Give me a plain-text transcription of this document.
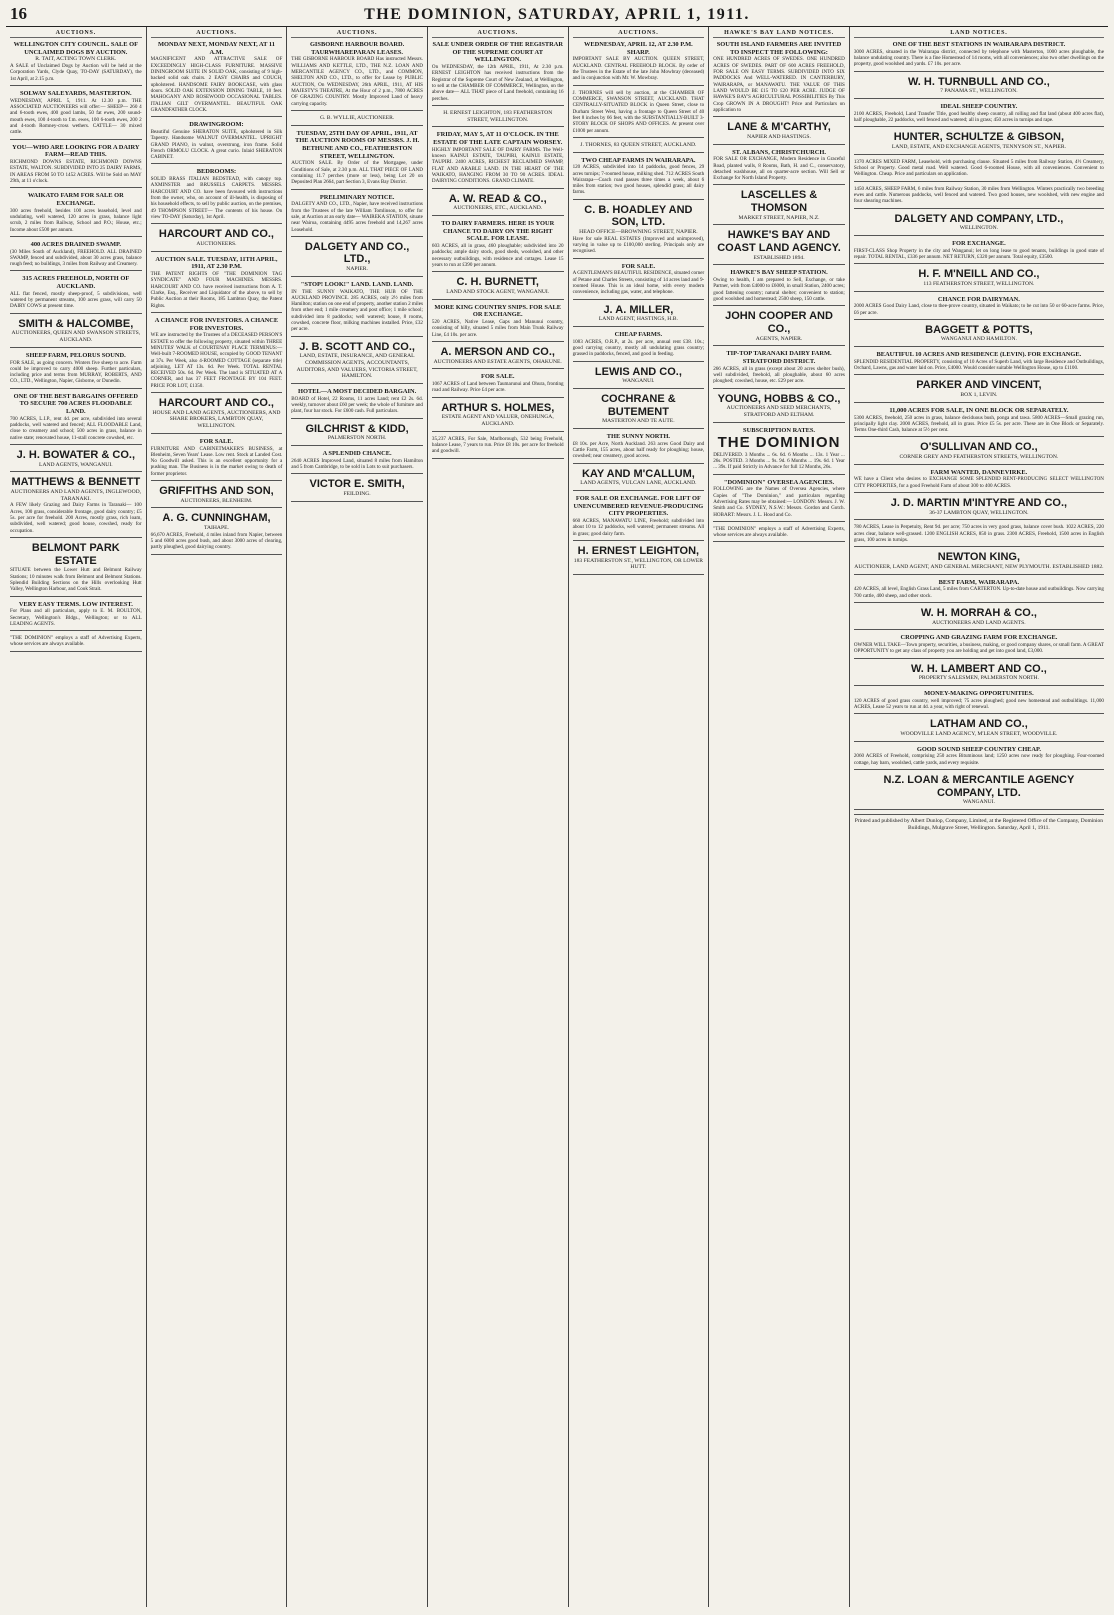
16	THE DOMINION, SATURDAY, APRIL 1, 1911.
AUCTIONS.
WELLINGTON CITY COUNCIL. SALE OF UNCLAIMED DOGS BY AUCTION.
R. TAIT, ACTING TOWN CLERK.
A SALE of Unclaimed Dogs by Auction will be held at the Corporation Yards, Clyde Quay, TO-DAY (SATURDAY), the 1st April, at 2.15 p.m.
SOLWAY SALEYARDS, MASTERTON.
WEDNESDAY, APRIL 5, 1911. At 12.30 p.m. THE ASSOCIATED AUCTIONEERS will offer:— SHEEP— 260 4 and 6-tooth ewes, 400 good lambs, 50 fat ewes, 200 sound-mouth ewes, 100 4-tooth to f.m. ewes, 100 6-tooth ewes, 200 2 and 4-tooth Romney-cross wethers. CATTLE— 30 mixed cattle.
YOU—WHO ARE LOOKING FOR A DAIRY FARM—READ THIS.
RICHMOND DOWNS ESTATE, RICHMOND DOWNS ESTATE, WALTON. SUBDIVIDED INTO 25 DAIRY FARMS, IN AREAS FROM 50 TO 1452 ACRES. Will be Sold on MAY 29th, at 11 o'clock.
WAIKATO FARM FOR SALE OR EXCHANGE.
300 acres freehold, besides 100 acres leasehold, level and undulating, well watered, 120 acres in grass, balance light scrub, 2 miles from Railway, School and P.O.; House, etc.; Income about £500 per annum.
400 ACRES DRAINED SWAMP.
(30 Miles South of Auckland), FREEHOLD. ALL DRAINED SWAMP, fenced and subdivided, about 30 acres grass, balance rough feed; no buildings, 3 miles from Railway and Creamery.
315 ACRES FREEHOLD, NORTH OF AUCKLAND.
ALL flat fenced, mostly sheep-proof, 5 subdivisions, well watered by permanent streams, 100 acres grass, will carry 50 DAIRY COWS at present time.
SMITH & HALCOMBE,
AUCTIONEERS, QUEEN AND SWANSON STREETS, AUCKLAND.
SHEEP FARM, PELORUS SOUND.
FOR SALE, as going concern. Winters five sheep to acre. Farm could be improved to carry 4000 sheep. Further particulars, including price and terms from MURRAY, ROBERTS, AND CO., LTD., Wellington, Napier, Gisborne, or Dunedin.
ONE OF THE BEST BARGAINS OFFERED TO SECURE 700 ACRES FLOODABLE LAND.
700 ACRES, L.I.P., rent 4d. per acre, subdivided into several paddocks, well watered and fenced; ALL FLOODABLE Land, close to creamery and school; 500 acres in grass, balance in native state; renovated house, 11-stall concrete cowshed, etc.
J. H. BOWATER & CO.,
LAND AGENTS, WANGANUI.
MATTHEWS & BENNETT
AUCTIONEERS AND LAND AGENTS, INGLEWOOD, TARANAKI.
A FEW likely Grazing and Dairy Farms in Taranaki— 100 Acres, 100 grass, considerable frontage, good dairy country; £5 5s. per acre for freehold. 200 Acres, mostly grass, rich loam, subdivided, well watered; good house, cowshed, ready for occupation.
BELMONT PARK ESTATE
SITUATE between the Lower Hutt and Belmont Railway Stations; 10 minutes walk from Belmont and Belmont Stations. Splendid Building Sections on the Hills overlooking Hutt Valley, Wellington Harbour, and Cook Strait.
VERY EASY TERMS. LOW INTEREST.
For Plans and all particulars, apply to E. M. BOULTON, Secretary, Wellington's Bldgs., Wellington; or to ALL LEADING AGENTS.
"THE DOMINION" employs a staff of Advertising Experts, whose services are always available.
AUCTIONS.
MONDAY NEXT, MONDAY NEXT, AT 11 A.M.
MAGNIFICENT AND ATTRACTIVE SALE OF EXCEEDINGLY HIGH-CLASS FURNITURE. MASSIVE DININGROOM SUITE IN SOLID OAK, consisting of 9 high-backed solid oak chairs. 2 EASY CHAIRS and COUCH, upholstered. HANDSOME FAIRY BOOKCASE, with glass doors. SOLID OAK EXTENSION DINING TABLE, 10 feet. MAHOGANY AND ROSEWOOD OCCASIONAL TABLES. ITALIAN GILT OVERMANTEL. BEAUTIFUL OAK GRANDFATHER CLOCK.
DRAWINGROOM:
Beautiful Genuine SHERATON SUITE, upholstered in Silk Tapestry. Handsome WALNUT OVERMANTEL. UPRIGHT GRAND PIANO, in walnut, overstrung, iron frame. Solid French ORMOLU CLOCK. A great curio. Inlaid SHERATON CABINET.
BEDROOMS:
SOLID BRASS ITALIAN BEDSTEAD, with canopy top. AXMINSTER and BRUSSELS CARPETS. MESSRS. HARCOURT AND CO. have been favoured with instructions from the owner, who, on account of ill-health, is disposing of his household effects, to sell by public auction, on the premises, 49 THOMPSON STREET— The contents of his house. On view TO-DAY (Saturday), 1st April.
HARCOURT AND CO.,
AUCTIONEERS.
AUCTION SALE. TUESDAY, 11TH APRIL, 1911, AT 2.30 P.M.
THE PATENT RIGHTS OF "THE DOMINION TAG SYNDICATE" AND FOUR MACHINES. MESSRS. HARCOURT AND CO. have received instructions from A. T. Clarke, Esq., Receiver and Liquidator of the above, to sell by Public Auction at their Rooms, 185 Lambton Quay, the Patent Rights.
A CHANCE FOR INVESTORS. A CHANCE FOR INVESTORS.
WE are instructed by the Trustees of a DECEASED PERSON'S ESTATE to offer the following property, situated within THREE MINUTES' WALK of COURTENAY PLACE TERMINUS:— Well-built 7-ROOMED HOUSE, occupied by GOOD TENANT at 37s. Per Week, also 4-ROOMED COTTAGE (separate title) adjoining, LET AT 13s. 6d. Per Week. TOTAL RENTAL RECEIVED 50s. 6d. Per Week. The land is SITUATED AT A CORNER, and has 37 FEET FRONTAGE BY 104 FEET. PRICE FOR LOT, £1350.
HARCOURT AND CO.,
HOUSE AND LAND AGENTS, AUCTIONEERS, AND SHARE BROKERS, LAMBTON QUAY, WELLINGTON.
FOR SALE.
FURNITURE AND CABINETMAKER'S BUSINESS, at Blenheim, Seven Years' Lease. Low rent. Stock at Landed Cost. No Goodwill asked. This is an excellent opportunity for a pushing man. The Business is in the market owing to death of former proprietor.
GRIFFITHS AND SON,
AUCTIONEERS, BLENHEIM.
A. G. CUNNINGHAM,
TAIHAPE.
66,670 ACRES, Freehold, 4 miles inland from Napier, between 5 and 6000 acres good bush, and about 3000 acres of clearing, partly ploughed, good dairying country.
AUCTIONS.
GISBORNE HARBOUR BOARD. TAURWHAREPARAN LEASES.
THE GISBORNE HARBOUR BOARD Has instructed Messrs. WILLIAMS AND KETTLE, LTD., THE N.Z. LOAN AND MERCANTILE AGENCY CO., LTD., and COMMON, SHELTON AND CO., LTD., to offer for Lease by PUBLIC AUCTION, On WEDNESDAY, 26th APRIL, 1911, AT HIS MAJESTY'S THEATRE, At the Hour of 2 p.m., 7800 ACRES OF GRAZING COUNTRY. Mostly Improved Land of heavy carrying capacity.
G. B. WYLLIE, AUCTIONEER.
TUESDAY, 25TH DAY OF APRIL, 1911, AT THE AUCTION ROOMS OF MESSRS. J. H. BETHUNE AND CO., FEATHERSTON STREET, WELLINGTON.
AUCTION SALE. By Order of the Mortgagee, under Conditions of Sale, at 2.30 p.m. ALL THAT PIECE OF LAND containing 11.7 perches (more or less), being Lot 20 on Deposited Plan 2664, part Section 3, Evans Bay District.
PRELIMINARY NOTICE.
DALGETY AND CO., LTD., Napier, have received instructions from the Trustees of the late William Tomlinson, to offer for sale, at Auction at an early date— WAIREKA STATION, situate near Wairoa, containing 4495 acres freehold and 14,267 acres Leasehold.
DALGETY AND CO., LTD.,
NAPIER.
"STOP! LOOK!" LAND. LAND. LAND.
IN THE SUNNY WAIKATO, THE HUB OF THE AUCKLAND PROVINCE. 285 ACRES, only 2½ miles from Hamilton; station on one end of property, another station 2 miles from other end; 1 mile creamery and post office; 1 mile school; subdivided into 8 paddocks; well watered; house, 8 rooms, cowshed, concrete floor, milking machines installed. Price, £32 per acre.
J. B. SCOTT AND CO.,
LAND, ESTATE, INSURANCE, AND GENERAL COMMISSION AGENTS, ACCOUNTANTS, AUDITORS, AND VALUERS, VICTORIA STREET, HAMILTON.
HOTEL—A MOST DECIDED BARGAIN.
BOARD of Hotel, 22 Rooms, 11 acres Land; rent £2 2s. 6d. weekly, turnover about £60 per week; the whole of furniture and plant, four bar stock. For £600 cash. Full particulars.
GILCHRIST & KIDD,
PALMERSTON NORTH.
A SPLENDID CHANCE.
2640 ACRES Improved Land, situated 8 miles from Hamilton and 5 from Cambridge, to be sold in Lots to suit purchasers.
VICTOR E. SMITH,
FEILDING.
AUCTIONS.
SALE UNDER ORDER OF THE REGISTRAR OF THE SUPREME COURT AT WELLINGTON.
On WEDNESDAY, the 12th APRIL, 1911, At 2.30 p.m. ERNEST LEIGHTON has received instructions from the Registrar of the Supreme Court of New Zealand, at Wellington, to sell at the CHAMBER OF COMMERCE, Wellington, on the above date— ALL THAT piece of Land freehold, containing 16 perches.
H. ERNEST LEIGHTON, 183 FEATHERSTON STREET, WELLINGTON.
FRIDAY, MAY 5, AT 11 O'CLOCK. IN THE ESTATE OF THE LATE CAPTAIN WORSEY.
HIGHLY IMPORTANT SALE OF DAIRY FARMS. The Well-known KAINUI ESTATE, TAUPIRI, KAINUI ESTATE, TAUPIRI. 2400 ACRES, RICHEST RECLAIMED SWAMP, FLAT AND ARABLE LAND. IN THE HEART OF THE WAIKATO, HANGING FROM 30 TO 90 ACRES. IDEAL DAIRYING CONDITIONS. GRAND CLIMATE.
A. W. READ & CO.,
AUCTIONEERS, ETC., AUCKLAND.
TO DAIRY FARMERS. HERE IS YOUR CHANCE TO DAIRY ON THE RIGHT SCALE. FOR LEASE.
603 ACRES, all in grass, 460 ploughable; subdivided into 20 paddocks; ample dairy stock, good sheds, woolshed, and other necessary outbuildings, with residence and cottages. Lease 15 years to run at £390 per annum.
C. H. BURNETT,
LAND AND STOCK AGENT, WANGANUI.
MORE KING COUNTRY SNIPS. FOR SALE OR EXCHANGE.
520 ACRES, Native Lease, Gaps and Manunui country, consisting of hilly, situated 5 miles from Main Trunk Railway Line, £4 10s. per acre.
A. MERSON AND CO.,
AUCTIONEERS AND ESTATE AGENTS, OHAKUNE.
FOR SALE.
1067 ACRES of Land between Taumarunui and Ohura, fronting road and Railway. Price £4 per acre.
ARTHUR S. HOLMES,
ESTATE AGENT AND VALUER, ONEHUNGA, AUCKLAND.
35,237 ACRES, For Sale, Marlborough, 532 being Freehold, balance Lease, 7 years to run. Price £8 10s. per acre for freehold and goodwill.
AUCTIONS.
WEDNESDAY, APRIL 12, AT 2.30 P.M. SHARP.
IMPORTANT SALE BY AUCTION. QUEEN STREET, AUCKLAND. CENTRAL FREEHOLD BLOCK. By order of the Trustees in the Estate of the late John Mowbray (deceased) and in conjunction with Mr. W. Mowbray.
J. THORNES will sell by auction, at the CHAMBER OF COMMERCE, SWANSON STREET, AUCKLAND. THAT CENTRALLY-SITUATED BLOCK in Queen Street, close to Durham Street West, having a frontage to Queen Street of 40 feet 8 inches by 66 feet, with the SUBSTANTIALLY-BUILT 3-STORY BLOCK OF SHOPS AND OFFICES. At present over £1000 per annum.
J. THORNES, 83 QUEEN STREET, AUCKLAND.
TWO CHEAP FARMS IN WAIRARAPA.
120 ACRES, subdivided into 14 paddocks, good fences, 29 acres turnips; 7-roomed house, milking shed. 712 ACRES South Wairarapa—Coach road passes three times a week, about 6 miles from station; two good houses, splendid grass; all dairy farms.
C. B. HOADLEY AND SON, LTD.
HEAD OFFICE—BROWNING STREET, NAPIER.
Have for sale REAL ESTATES (Improved and unimproved), varying in value up to £100,000 sterling. Principals only are recognised.
FOR SALE.
A GENTLEMAN'S BEAUTIFUL RESIDENCE, situated corner of Petane and Charles Streets, consisting of 14 acres land and 9-roomed House. This is an ideal home, with every modern convenience, including gas, water, and telephone.
J. A. MILLER,
LAND AGENT, HASTINGS, H.B.
CHEAP FARMS.
1083 ACRES, O.R.P., at 2s. per acre, annual rent £38. 10s.; good carrying country, mostly all undulating grass country; grassed in paddocks, fenced, and good in feeding.
LEWIS AND CO.,
WANGANUI.
COCHRANE & BUTEMENT
MASTERTON AND TE AUTE.
THE SUNNY NORTH.
£8 10s. per Acre, North Auckland. 263 acres Good Dairy and Cattle Farm, 155 acres, about half ready for ploughing; house, cowshed; near creamery, good access.
KAY AND M'CALLUM,
LAND AGENTS, VULCAN LANE, AUCKLAND.
FOR SALE OR EXCHANGE. FOR LIFT OF UNENCUMBERED REVENUE-PRODUCING CITY PROPERTIES.
660 ACRES, MANAWATU LINE, Freehold; subdivided into about 10 to 12 paddocks, well watered; permanent streams. All in grass; good dairy farm.
H. ERNEST LEIGHTON,
183 FEATHERSTON ST., WELLINGTON, OR LOWER HUTT.
HAWKE'S BAY LAND NOTICES.
SOUTH ISLAND FARMERS ARE INVITED TO INSPECT THE FOLLOWING:
ONE HUNDRED ACRES OF SWEDES. ONE HUNDRED ACRES OF SWEDES. PART OF 600 ACRES FREEHOLD, FOR SALE ON EASY TERMS. SUBDIVIDED INTO SIX PADDOCKS And WELL-WATERED. IN CANTERBURY, WAIRARAPA, or MANAWATU. THE VALUE OF THIS LAND WOULD BE £15 TO £20 PER ACRE. JUDGE OF HAWKE'S BAY'S AGRICULTURAL POSSIBILITIES By This Crop GROWN IN A DROUGHT! Price and Particulars on application to
LANE & M'CARTHY,
NAPIER AND HASTINGS.
ST. ALBANS, CHRISTCHURCH.
FOR SALE OR EXCHANGE, Modern Residence in Graceful Road, planted walls, 8 Rooms, Bath, H. and C., conservatory, detached washhouse, all on quarter-acre section. Will Sell or Exchange for North Island Property.
LASCELLES & THOMSON
MARKET STREET, NAPIER, N.Z.
HAWKE'S BAY AND COAST LAND AGENCY.
ESTABLISHED 1894.
HAWKE'S BAY SHEEP STATION.
Owing to health, I am prepared to Sell, Exchange, or take Partner, with from £4000 to £6000, in small Station, 2400 acres; good fattening country; natural shelter; convenient to station; good woolshed and homestead; 2500 sheep, 150 cattle.
JOHN COOPER AND CO.,
AGENTS, NAPIER.
TIP-TOP TARANAKI DAIRY FARM. STRATFORD DISTRICT.
266 ACRES, all in grass (except about 20 acres shelter bush), well subdivided, freehold, all ploughable, about 60 acres ploughed; cowshed, house, etc. £29 per acre.
YOUNG, HOBBS & CO.,
AUCTIONEERS AND SEED MERCHANTS, STRATFORD AND ELTHAM.
SUBSCRIPTION RATES.
THE DOMINION
DELIVERED. 3 Months ... 6s. 6d. 6 Months ... 13s. 1 Year ... 26s. POSTED. 3 Months ... 9s. 9d. 6 Months ... 19s. 6d. 1 Year ... 39s. If paid Strictly in Advance for full 12 Months, 26s.
"DOMINION" OVERSEA AGENCIES.
FOLLOWING are the Names of Oversea Agencies, where Copies of "The Dominion," and particulars regarding Advertising Rates may be obtained:— LONDON: Messrs. J. W. Smith and Co. SYDNEY, N.S.W.: Messrs. Gordon and Gotch. HOBART: Messrs. J. L. Hood and Co.
"THE DOMINION" employs a staff of Advertising Experts, whose services are always available.
LAND NOTICES.
ONE OF THE BEST STATIONS IN WAIRARAPA DISTRICT.
3000 ACRES, situated in the Wairarapa district, connected by telephone with Masterton, 1000 acres ploughable, the balance undulating country. There is a fine Homestead of 14 rooms, with all conveniences; also two other dwellings on the property, good woolshed and yards. £7 10s. per acre.
W. H. TURNBULL AND CO.,
7 PANAMA ST., WELLINGTON.
IDEAL SHEEP COUNTRY.
2100 ACRES, Freehold, Land Transfer Title, good healthy sheep country, all rolling and flat land (about 400 acres flat), half ploughable, 22 paddocks, well fenced and watered; all in grass; 450 acres in turnips and rape.
HUNTER, SCHULTZE & GIBSON,
LAND, ESTATE, AND EXCHANGE AGENTS, TENNYSON ST., NAPIER.
1370 ACRES MIXED FARM, Leasehold, with purchasing clause. Situated 5 miles from Railway Station, 4½ Creamery, School or Property. Good metal road. Well watered. Good 6-roomed House, with all conveniences. Convenient to Wellington. Cheap. Price and particulars on application.
1450 ACRES, SHEEP FARM, 6 miles from Railway Station, 30 miles from Wellington. Winters practically two breeding ewes and cattle. Numerous paddocks, well fenced and watered. Two good houses, new woolshed, with new engine and four shearing machines.
DALGETY AND COMPANY, LTD.,
WELLINGTON.
FOR EXCHANGE.
FIRST-CLASS Shop Property in the city and Wanganui; let on long lease to good tenants, buildings in good state of repair. TOTAL RENTAL, £336 per annum. NET RETURN, £320 per annum. Total equity, £3500.
H. F. M'NEILL AND CO.,
113 FEATHERSTON STREET, WELLINGTON.
CHANCE FOR DAIRYMAN.
2000 ACRES Good Dairy Land, close to thee-prove country, situated in Waikato; to be cut into 50 or 60-acre farms. Price, £6 per acre.
BAGGETT & POTTS,
WANGANUI AND HAMILTON.
BEAUTIFUL 10 ACRES AND RESIDENCE (LEVIN). FOR EXCHANGE.
SPLENDID RESIDENTIAL PROPERTY, consisting of 10 Acres of Superb Land, with large Residence and Outbuildings, Orchard, Lawns, gas and water laid on. Price, £4000. Would consider suitable Wellington House, up to £1100.
PARKER AND VINCENT,
BOX 1, LEVIN.
11,000 ACRES FOR SALE, IN ONE BLOCK OR SEPARATELY.
5300 ACRES, freehold, 250 acres in grass, balance deciduous bush, ponga and tawa. 5800 ACRES—Small grazing run, principally light clay. 2000 ACRES, freehold, all in grass. Price £5 5s. per acre. These are in One Block or Separately. Terms One-third Cash, balance at 5½ per cent.
O'SULLIVAN AND CO.,
CORNER GREY AND FEATHERSTON STREETS, WELLINGTON.
FARM WANTED, DANNEVIRKE.
WE have a Client who desires to EXCHANGE SOME SPLENDID RENT-PRODUCING SELECT WELLINGTON CITY PROPERTIES, for a good Freehold Farm of about 300 to 400 ACRES.
J. D. MARTIN M'INTYRE AND CO.,
36-37 LAMBTON QUAY, WELLINGTON.
780 ACRES, Lease in Perpetuity, Rent 9d. per acre; 750 acres in very good grass, balance cover bush. 1022 ACRES, 220 acres clear, balance well-grassed. 1200 ENGLISH ACRES, 850 in grass. 2300 ACRES, Freehold, 1500 acres in English grass, 100 acres in turnips.
NEWTON KING,
AUCTIONEER, LAND AGENT, AND GENERAL MERCHANT, NEW PLYMOUTH. ESTABLISHED 1882.
BEST FARM, WAIRARAPA.
420 ACRES, all level, English Grass Land, 5 miles from CARTERTON. Up-to-date house and outbuildings. Now carrying 700 cattle, 400 sheep, and other stock.
W. H. MORRAH & CO.,
AUCTIONEERS AND LAND AGENTS.
CROPPING AND GRAZING FARM FOR EXCHANGE.
OWNER WILL TAKE—Town property, securities, a business, making, or good company shares, or small farm. A GREAT OPPORTUNITY to get any class of property you are holding and get into good land, £3,000.
W. H. LAMBERT AND CO.,
PROPERTY SALESMEN, PALMERSTON NORTH.
MONEY-MAKING OPPORTUNITIES.
120 ACRES of good grass country, well improved; 75 acres ploughed; good new homestead and outbuildings. 11,000 ACRES, Lease 52 years to run at 4d. a year, with right of renewal.
LATHAM AND CO.,
WOODVILLE LAND AGENCY, M'LEAN STREET, WOODVILLE.
GOOD SOUND SHEEP COUNTRY CHEAP.
2060 ACRES of Freehold, comprising 250 acres Bituminous land; 1250 acres now ready for ploughing. Four-roomed cottage, hay barn, woolshed, cattle yards, and every requisite.
N.Z. LOAN & MERCANTILE AGENCY COMPANY, LTD.
WANGANUI.
Printed and published by Albert Dunlop, Company, Limited, at the Registered Office of the Company, Dominion Buildings, Mulgrave Street, Wellington. Saturday, April 1, 1911.
